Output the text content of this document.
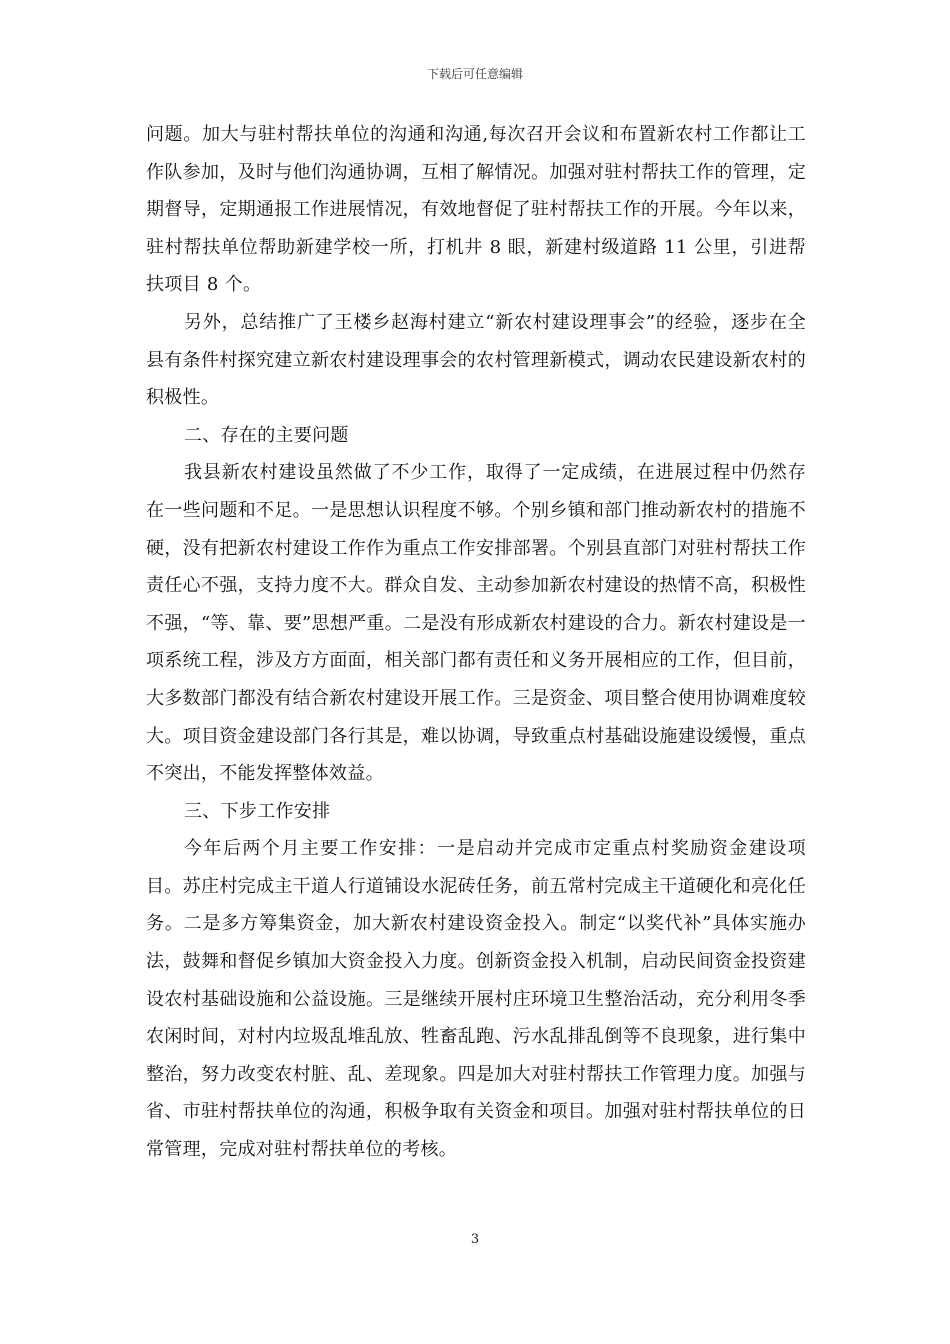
下载后可任意编辑

问题。加大与驻村帮扶单位的沟通和沟通,每次召开会议和布置新农村工作都让工作队参加，及时与他们沟通协调，互相了解情况。加强对驻村帮扶工作的管理，定期督导，定期通报工作进展情况，有效地督促了驻村帮扶工作的开展。今年以来，驻村帮扶单位帮助新建学校一所，打机井 8 眼，新建村级道路 11 公里，引进帮扶项目 8 个。

另外，总结推广了王楼乡赵海村建立“新农村建设理事会”的经验，逐步在全县有条件村探究建立新农村建设理事会的农村管理新模式，调动农民建设新农村的积极性。

二、存在的主要问题

我县新农村建设虽然做了不少工作，取得了一定成绩，在进展过程中仍然存在一些问题和不足。一是思想认识程度不够。个别乡镇和部门推动新农村的措施不硬，没有把新农村建设工作作为重点工作安排部署。个别县直部门对驻村帮扶工作责任心不强，支持力度不大。群众自发、主动参加新农村建设的热情不高，积极性不强，“等、靠、要”思想严重。二是没有形成新农村建设的合力。新农村建设是一项系统工程，涉及方方面面，相关部门都有责任和义务开展相应的工作，但目前，大多数部门都没有结合新农村建设开展工作。三是资金、项目整合使用协调难度较大。项目资金建设部门各行其是，难以协调，导致重点村基础设施建设缓慢，重点不突出，不能发挥整体效益。

三、下步工作安排

今年后两个月主要工作安排：一是启动并完成市定重点村奖励资金建设项目。苏庄村完成主干道人行道铺设水泥砖任务，前五常村完成主干道硬化和亮化任务。二是多方筹集资金，加大新农村建设资金投入。制定“以奖代补”具体实施办法，鼓舞和督促乡镇加大资金投入力度。创新资金投入机制，启动民间资金投资建设农村基础设施和公益设施。三是继续开展村庄环境卫生整治活动，充分利用冬季农闲时间，对村内垃圾乱堆乱放、牲畜乱跑、污水乱排乱倒等不良现象，进行集中整治，努力改变农村脏、乱、差现象。四是加大对驻村帮扶工作管理力度。加强与省、市驻村帮扶单位的沟通，积极争取有关资金和项目。加强对驻村帮扶单位的日常管理，完成对驻村帮扶单位的考核。

3
